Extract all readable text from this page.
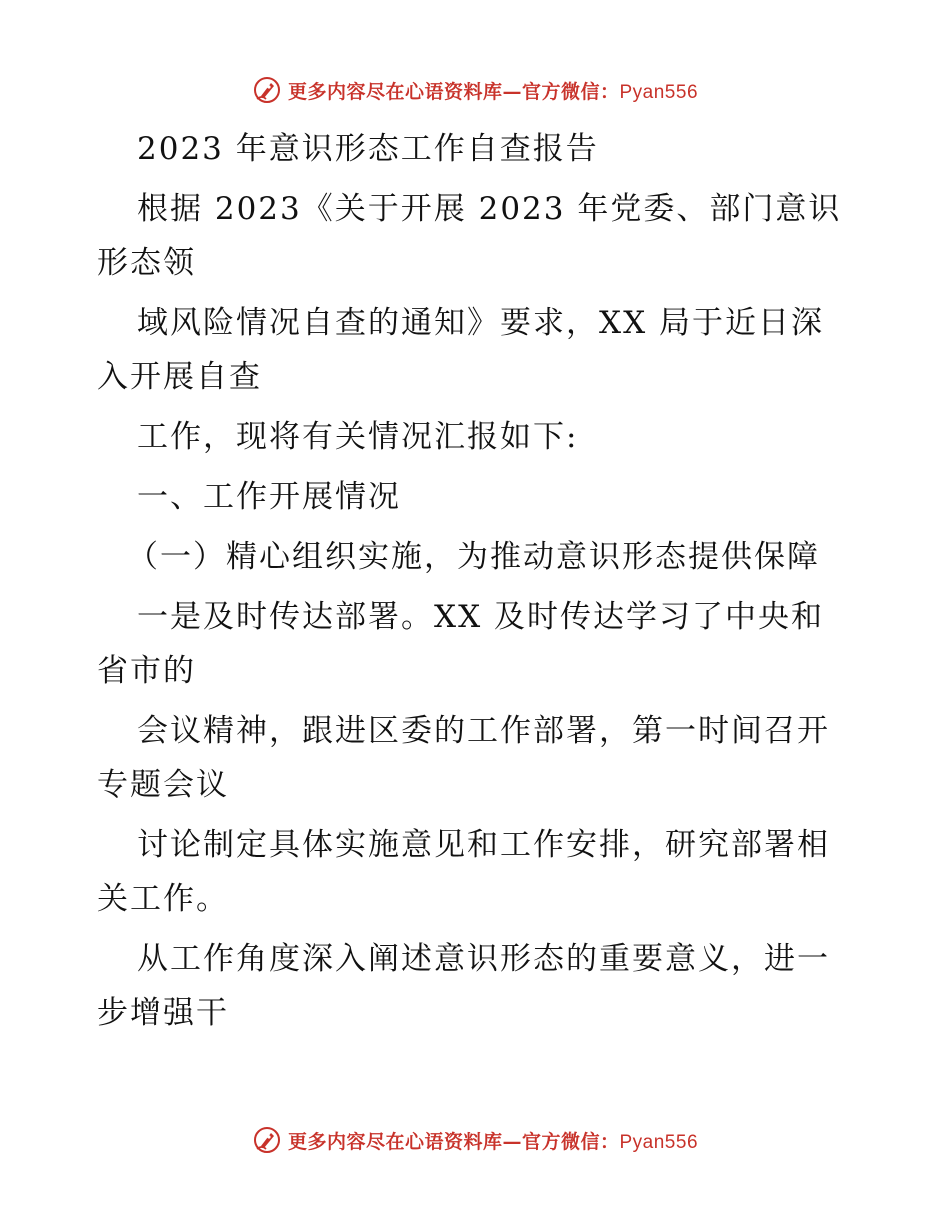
更多内容尽在心语资料库—官方微信：Pyan556
2023 年意识形态工作自查报告
根据 2023《关于开展 2023 年党委、部门意识
形态领
域风险情况自查的通知》要求，XX 局于近日深
入开展自查
工作，现将有关情况汇报如下:
一、工作开展情况
（一）精心组织实施，为推动意识形态提供保障
一是及时传达部署。XX 及时传达学习了中央和
省市的
会议精神，跟进区委的工作部署，第一时间召开
专题会议
讨论制定具体实施意见和工作安排，研究部署相
关工作。
从工作角度深入阐述意识形态的重要意义，进一
步增强干
更多内容尽在心语资料库—官方微信：Pyan556
